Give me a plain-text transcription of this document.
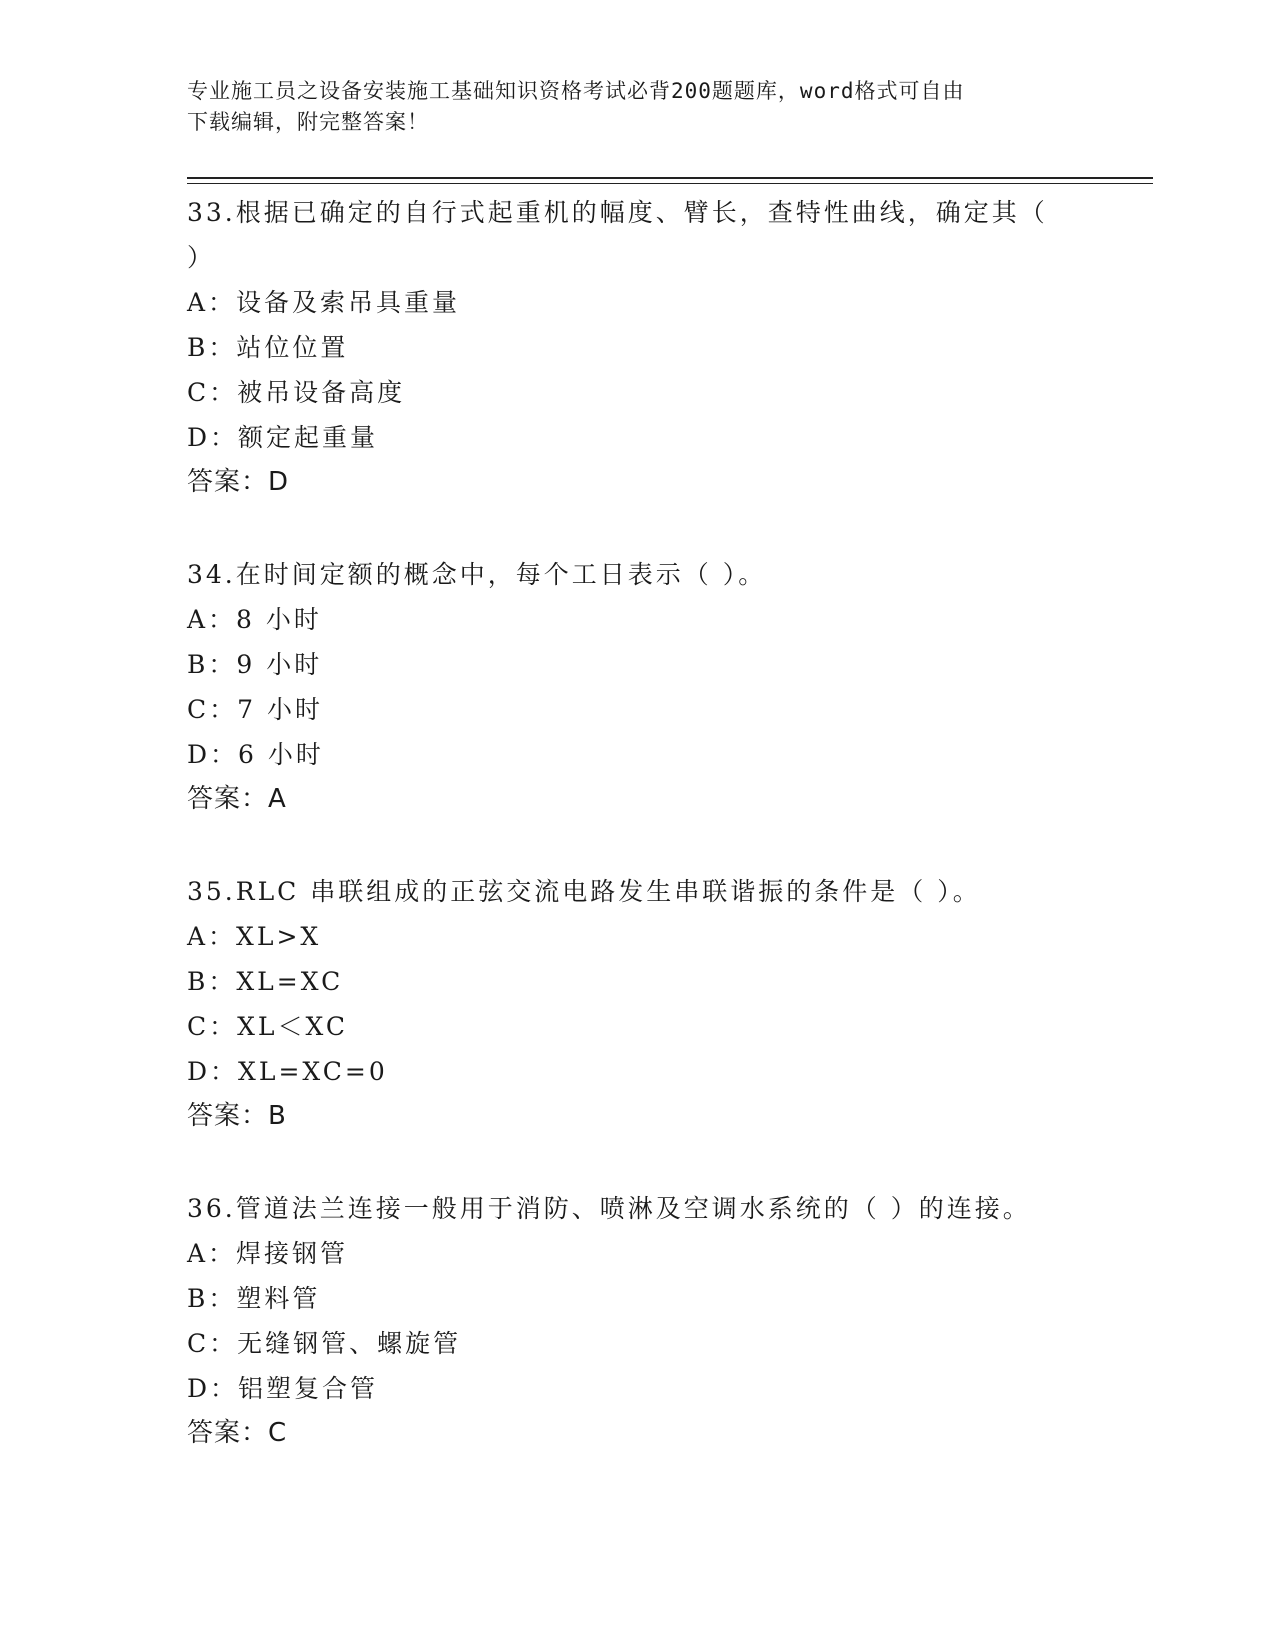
专业施工员之设备安装施工基础知识资格考试必背200题题库，word格式可自由
下载编辑，附完整答案！

33.根据已确定的自行式起重机的幅度、臂长，查特性曲线，确定其（

）

A：设备及索吊具重量
B：站位位置
C：被吊设备高度
D：额定起重量
答案：D

34.在时间定额的概念中，每个工日表示（ ）。

A：8 小时
B：9 小时
C：7 小时
D：6 小时
答案：A

35.RLC 串联组成的正弦交流电路发生串联谐振的条件是（ ）。

A：XL>X
B：XL=XC
C：XL＜XC
D：XL=XC=0
答案：B

36.管道法兰连接一般用于消防、喷淋及空调水系统的（ ）的连接。

A：焊接钢管
B：塑料管
C：无缝钢管、螺旋管
D：铝塑复合管
答案：C
